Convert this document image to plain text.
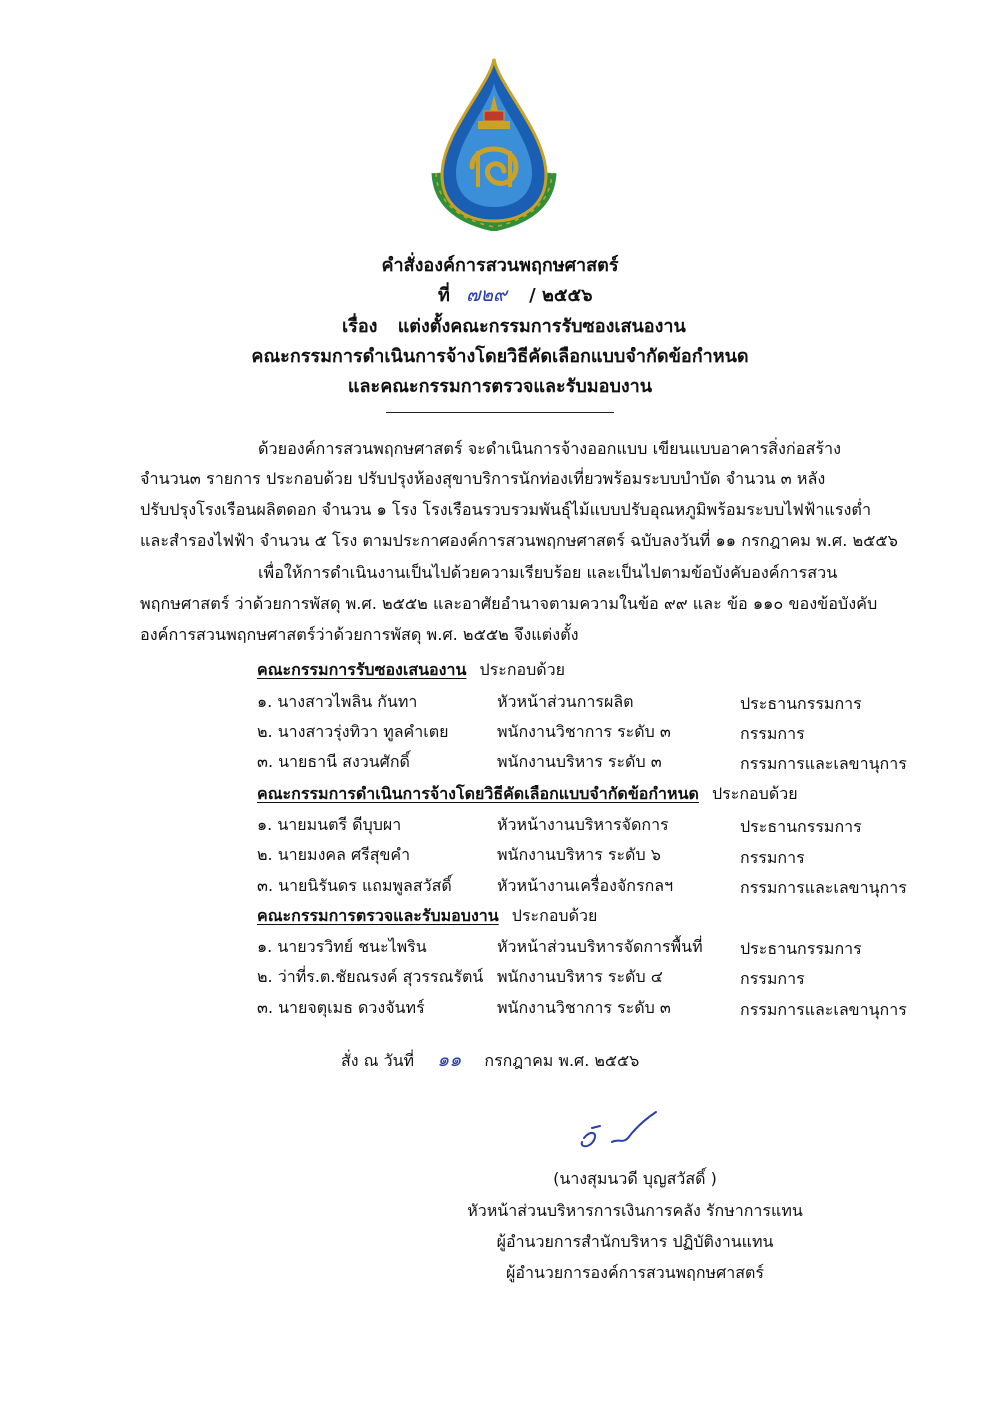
คำสั่งองค์การสวนพฤกษศาสตร์
ที่ ๗๒๙ / ๒๕๕๖
เรื่อง แต่งตั้งคณะกรรมการรับซองเสนองาน
คณะกรรมการดำเนินการจ้างโดยวิธีคัดเลือกแบบจำกัดข้อกำหนด
และคณะกรรมการตรวจและรับมอบงาน
ด้วยองค์การสวนพฤกษศาสตร์ จะดำเนินการจ้างออกแบบ เขียนแบบอาคารสิ่งก่อสร้าง
จำนวน๓ รายการ ประกอบด้วย ปรับปรุงห้องสุขาบริการนักท่องเที่ยวพร้อมระบบบำบัด จำนวน ๓ หลัง
ปรับปรุงโรงเรือนผลิตดอก จำนวน ๑ โรง โรงเรือนรวบรวมพันธุ์ไม้แบบปรับอุณหภูมิพร้อมระบบไฟฟ้าแรงต่ำ
และสำรองไฟฟ้า จำนวน ๕ โรง ตามประกาศองค์การสวนพฤกษศาสตร์ ฉบับลงวันที่ ๑๑ กรกฎาคม พ.ศ. ๒๕๕๖
เพื่อให้การดำเนินงานเป็นไปด้วยความเรียบร้อย และเป็นไปตามข้อบังคับองค์การสวน
พฤกษศาสตร์ ว่าด้วยการพัสดุ พ.ศ. ๒๕๕๒ และอาศัยอำนาจตามความในข้อ ๙๙ และ ข้อ ๑๑๐ ของข้อบังคับ
องค์การสวนพฤกษศาสตร์ว่าด้วยการพัสดุ พ.ศ. ๒๕๕๒ จึงแต่งตั้ง
คณะกรรมการรับซองเสนองาน ประกอบด้วย
๑. นางสาวไพลิน กันทา	หัวหน้าส่วนการผลิต	ประธานกรรมการ
๒. นางสาวรุ่งทิวา ทูลคำเตย	พนักงานวิชาการ ระดับ ๓	กรรมการ
๓. นายธานี สงวนศักดิ์	พนักงานบริหาร ระดับ ๓	กรรมการและเลขานุการ
คณะกรรมการดำเนินการจ้างโดยวิธีคัดเลือกแบบจำกัดข้อกำหนด ประกอบด้วย
๑. นายมนตรี ดีบุบผา	หัวหน้างานบริหารจัดการ	ประธานกรรมการ
๒. นายมงคล ศรีสุขคำ	พนักงานบริหาร ระดับ ๖	กรรมการ
๓. นายนิรันดร แถมพูลสวัสดิ์	หัวหน้างานเครื่องจักรกลฯ	กรรมการและเลขานุการ
คณะกรรมการตรวจและรับมอบงาน ประกอบด้วย
๑. นายวรวิทย์ ชนะไพริน	หัวหน้าส่วนบริหารจัดการพื้นที่ ประธานกรรมการ
๒. ว่าที่ร.ต.ชัยณรงค์ สุวรรณรัตน์ พนักงานบริหาร ระดับ ๔	กรรมการ
๓. นายจตุเมธ ดวงจันทร์	พนักงานวิชาการ ระดับ ๓	กรรมการและเลขานุการ
สั่ง ณ วันที่ ๑๑ กรกฎาคม พ.ศ. ๒๕๕๖
(นางสุมนวดี บุญสวัสดิ์ )
หัวหน้าส่วนบริหารการเงินการคลัง รักษาการแทน
ผู้อำนวยการสำนักบริหาร ปฏิบัติงานแทน
ผู้อำนวยการองค์การสวนพฤกษศาสตร์
